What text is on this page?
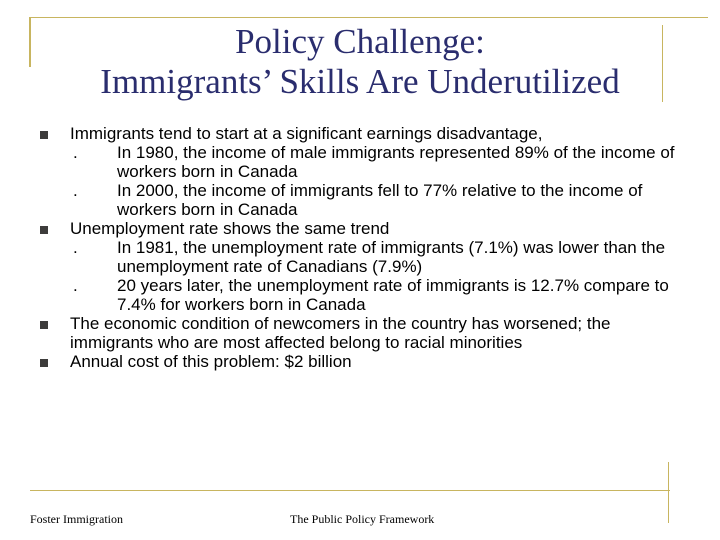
Policy Challenge:
Immigrants’ Skills Are Underutilized
Immigrants tend to start at a significant earnings disadvantage,
. In 1980, the income of male immigrants represented 89% of the income of workers born in Canada
. In 2000, the income of immigrants fell to 77% relative to the income of workers born in Canada
Unemployment rate shows the same trend
. In 1981, the unemployment rate of immigrants (7.1%) was lower than the unemployment rate of Canadians (7.9%)
. 20 years later, the unemployment rate of immigrants is 12.7% compare to 7.4% for workers born in Canada
The economic condition of newcomers in the country has worsened; the immigrants who are most affected belong to racial minorities
Annual cost of this problem: $2 billion
Foster Immigration	The Public Policy Framework
